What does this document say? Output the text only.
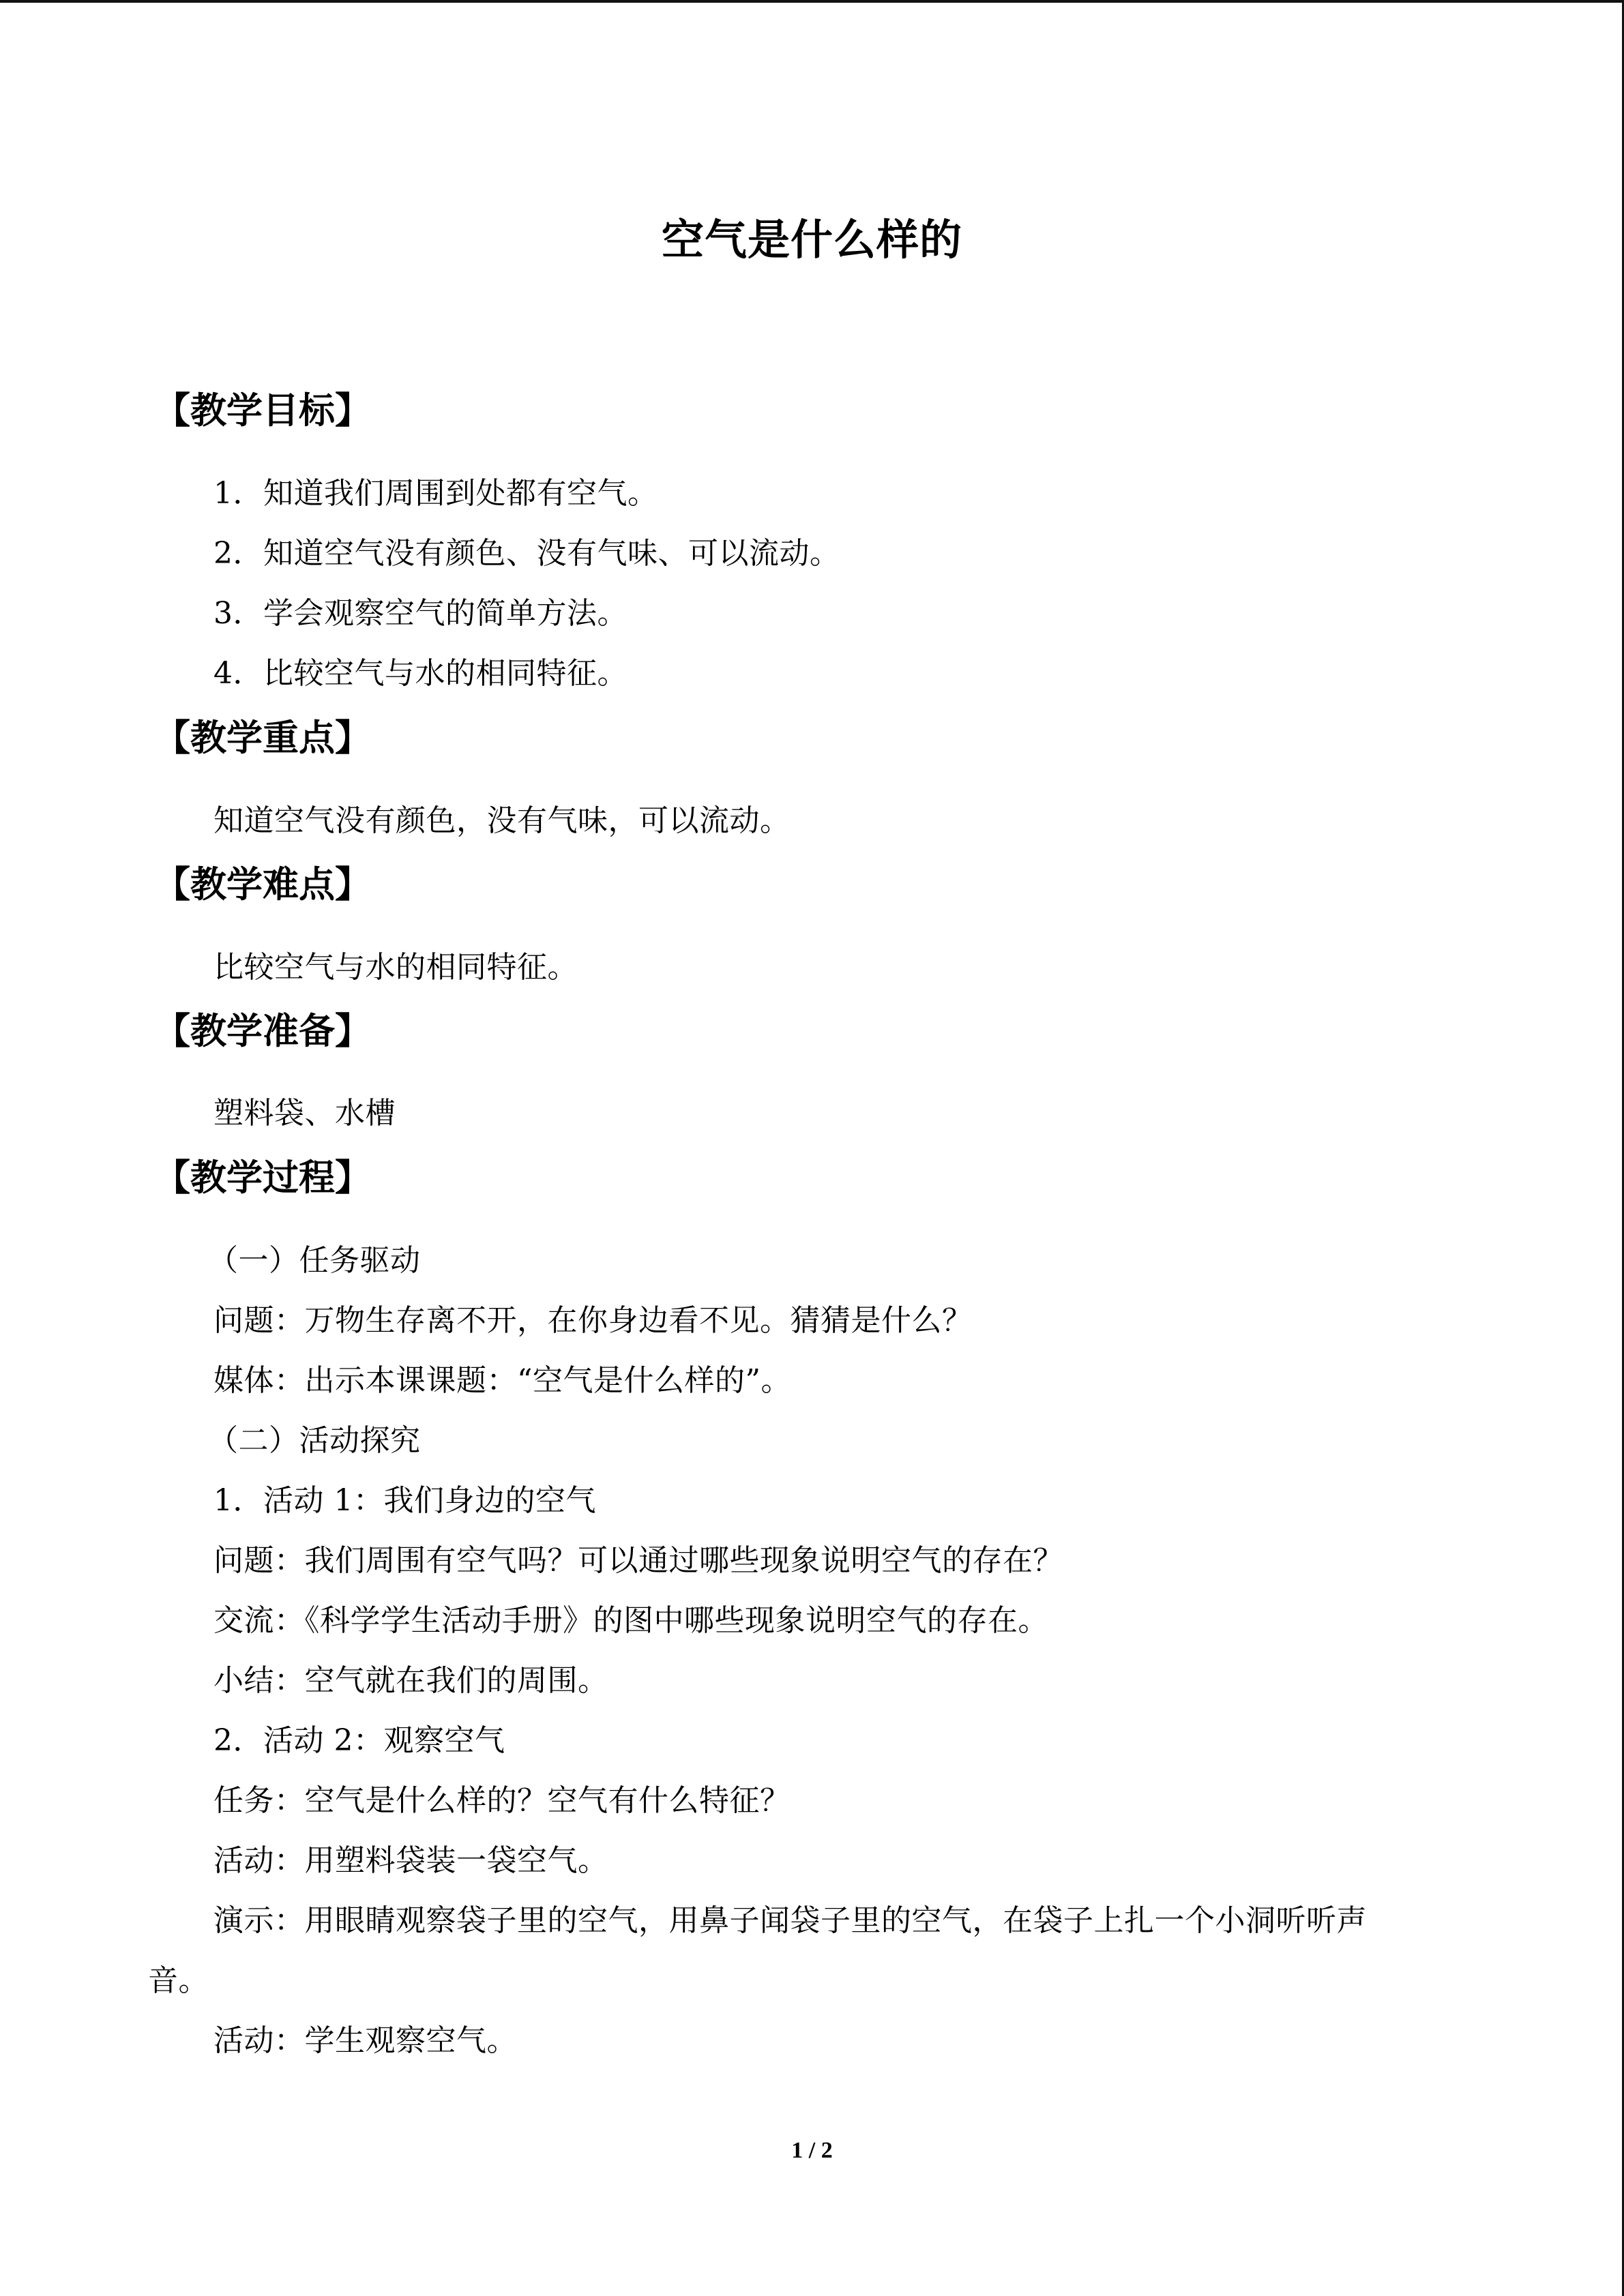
空气是什么样的
【教学目标】
1．知道我们周围到处都有空气。
2．知道空气没有颜色、没有气味、可以流动。
3．学会观察空气的简单方法。
4．比较空气与水的相同特征。
【教学重点】
知道空气没有颜色，没有气味，可以流动。
【教学难点】
比较空气与水的相同特征。
【教学准备】
塑料袋、水槽
【教学过程】
（一）任务驱动
问题：万物生存离不开，在你身边看不见。猜猜是什么？
媒体：出示本课课题：“空气是什么样的”。
（二）活动探究
1．活动 1：我们身边的空气
问题：我们周围有空气吗？可以通过哪些现象说明空气的存在？
交流：《科学学生活动手册》的图中哪些现象说明空气的存在。
小结：空气就在我们的周围。
2．活动 2：观察空气
任务：空气是什么样的？空气有什么特征？
活动：用塑料袋装一袋空气。
演示：用眼睛观察袋子里的空气，用鼻子闻袋子里的空气，在袋子上扎一个小洞听听声
音。
活动：学生观察空气。
1 / 2
